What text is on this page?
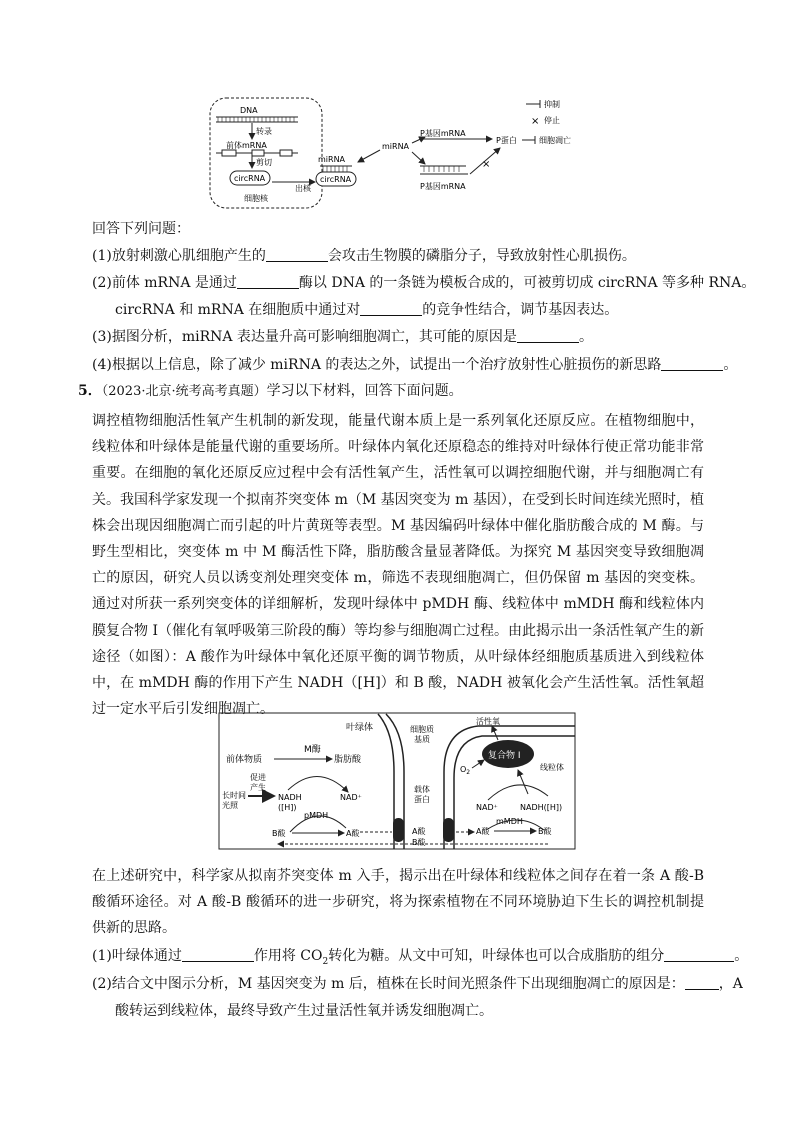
DNA
转录
前体mRNA
剪切
circRNA
细胞核
出核
miRNA
circRNA
miRNA
P基因mRNA
P基因mRNA
×
P蛋白	细胞凋亡
抑制
× 停止
回答下列问题：
(1)放射刺激心肌细胞产生的	会攻击生物膜的磷脂分子，导致放射性心肌损伤。
(2)前体 mRNA 是通过	酶以 DNA 的一条链为模板合成的，可被剪切成 circRNA 等多种 RNA。
circRNA 和 mRNA 在细胞质中通过对	的竞争性结合，调节基因表达。
(3)据图分析，miRNA 表达量升高可影响细胞凋亡，其可能的原因是	。
(4)根据以上信息，除了减少 miRNA 的表达之外，试提出一个治疗放射性心脏损伤的新思路	。
5．（2023·北京·统考高考真题）学习以下材料，回答下面问题。
调控植物细胞活性氧产生机制的新发现，能量代谢本质上是一系列氧化还原反应。在植物细胞中，线粒体和叶绿体是能量代谢的重要场所。叶绿体内氧化还原稳态的维持对叶绿体行使正常功能非常重要。在细胞的氧化还原反应过程中会有活性氧产生，活性氧可以调控细胞代谢，并与细胞凋亡有关。我国科学家发现一个拟南芥突变体 m（M 基因突变为 m 基因），在受到长时间连续光照时，植株会出现因细胞凋亡而引起的叶片黄斑等表型。M 基因编码叶绿体中催化脂肪酸合成的 M 酶。与野生型相比，突变体 m 中 M 酶活性下降，脂肪酸含量显著降低。为探究 M 基因突变导致细胞凋亡的原因，研究人员以诱变剂处理突变体 m，筛选不表现细胞凋亡，但仍保留 m 基因的突变株。通过对所获一系列突变体的详细解析，发现叶绿体中 pMDH 酶、线粒体中 mMDH 酶和线粒体内膜复合物 I（催化有氧呼吸第三阶段的酶）等均参与细胞凋亡过程。由此揭示出一条活性氧产生的新途径（如图）：A 酸作为叶绿体中氧化还原平衡的调节物质，从叶绿体经细胞质基质进入到线粒体中，在 mMDH 酶的作用下产生 NADH（[H]）和 B 酸，NADH 被氧化会产生活性氧。活性氧超过一定水平后引发细胞凋亡。
叶绿体
前体物质
M酶
脂肪酸
促进
产生
长时间
光照
NADH
([H])
NAD⁺
pMDH
B酸	A酸
细胞质
基质
载体
蛋白
A酸
B酸
活性氧
复合物 I
$O_2$
线粒体
NAD⁺	NADH([H])
mMDH
A酸	B酸
在上述研究中，科学家从拟南芥突变体 m 入手，揭示出在叶绿体和线粒体之间存在着一条 A 酸-B 酸循环途径。对 A 酸-B 酸循环的进一步研究，将为探索植物在不同环境胁迫下生长的调控机制提供新的思路。
(1)叶绿体通过	作用将 $CO_2$转化为糖。从文中可知，叶绿体也可以合成脂肪的组分	。
(2)结合文中图示分析，M 基因突变为 m 后，植株在长时间光照条件下出现细胞凋亡的原因是： ，A
酸转运到线粒体，最终导致产生过量活性氧并诱发细胞凋亡。
